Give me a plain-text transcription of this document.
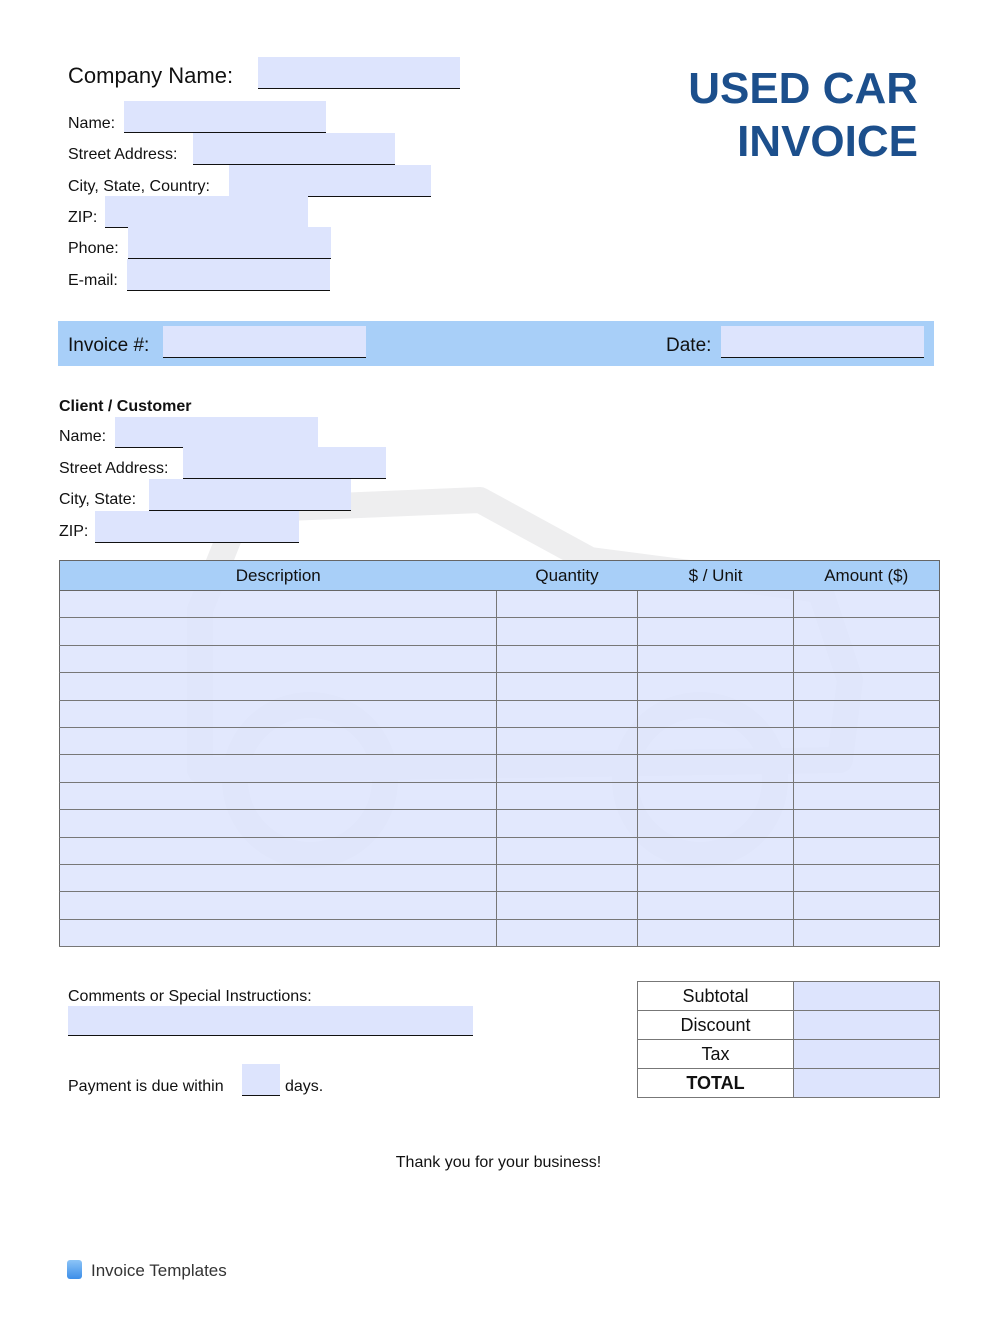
Company Name:
Name:
Street Address:
City, State, Country:
ZIP:
Phone:
E-mail:
USED CAR
INVOICE
Invoice #:	Date:
Client / Customer
Name:
Street Address:
City, State:
ZIP:
Description	Quantity	$ / Unit	Amount ($)

Comments or Special Instructions:
Payment is due within	days.
Subtotal	
Discount	
Tax	
TOTAL	
Thank you for your business!
Invoice Templates
